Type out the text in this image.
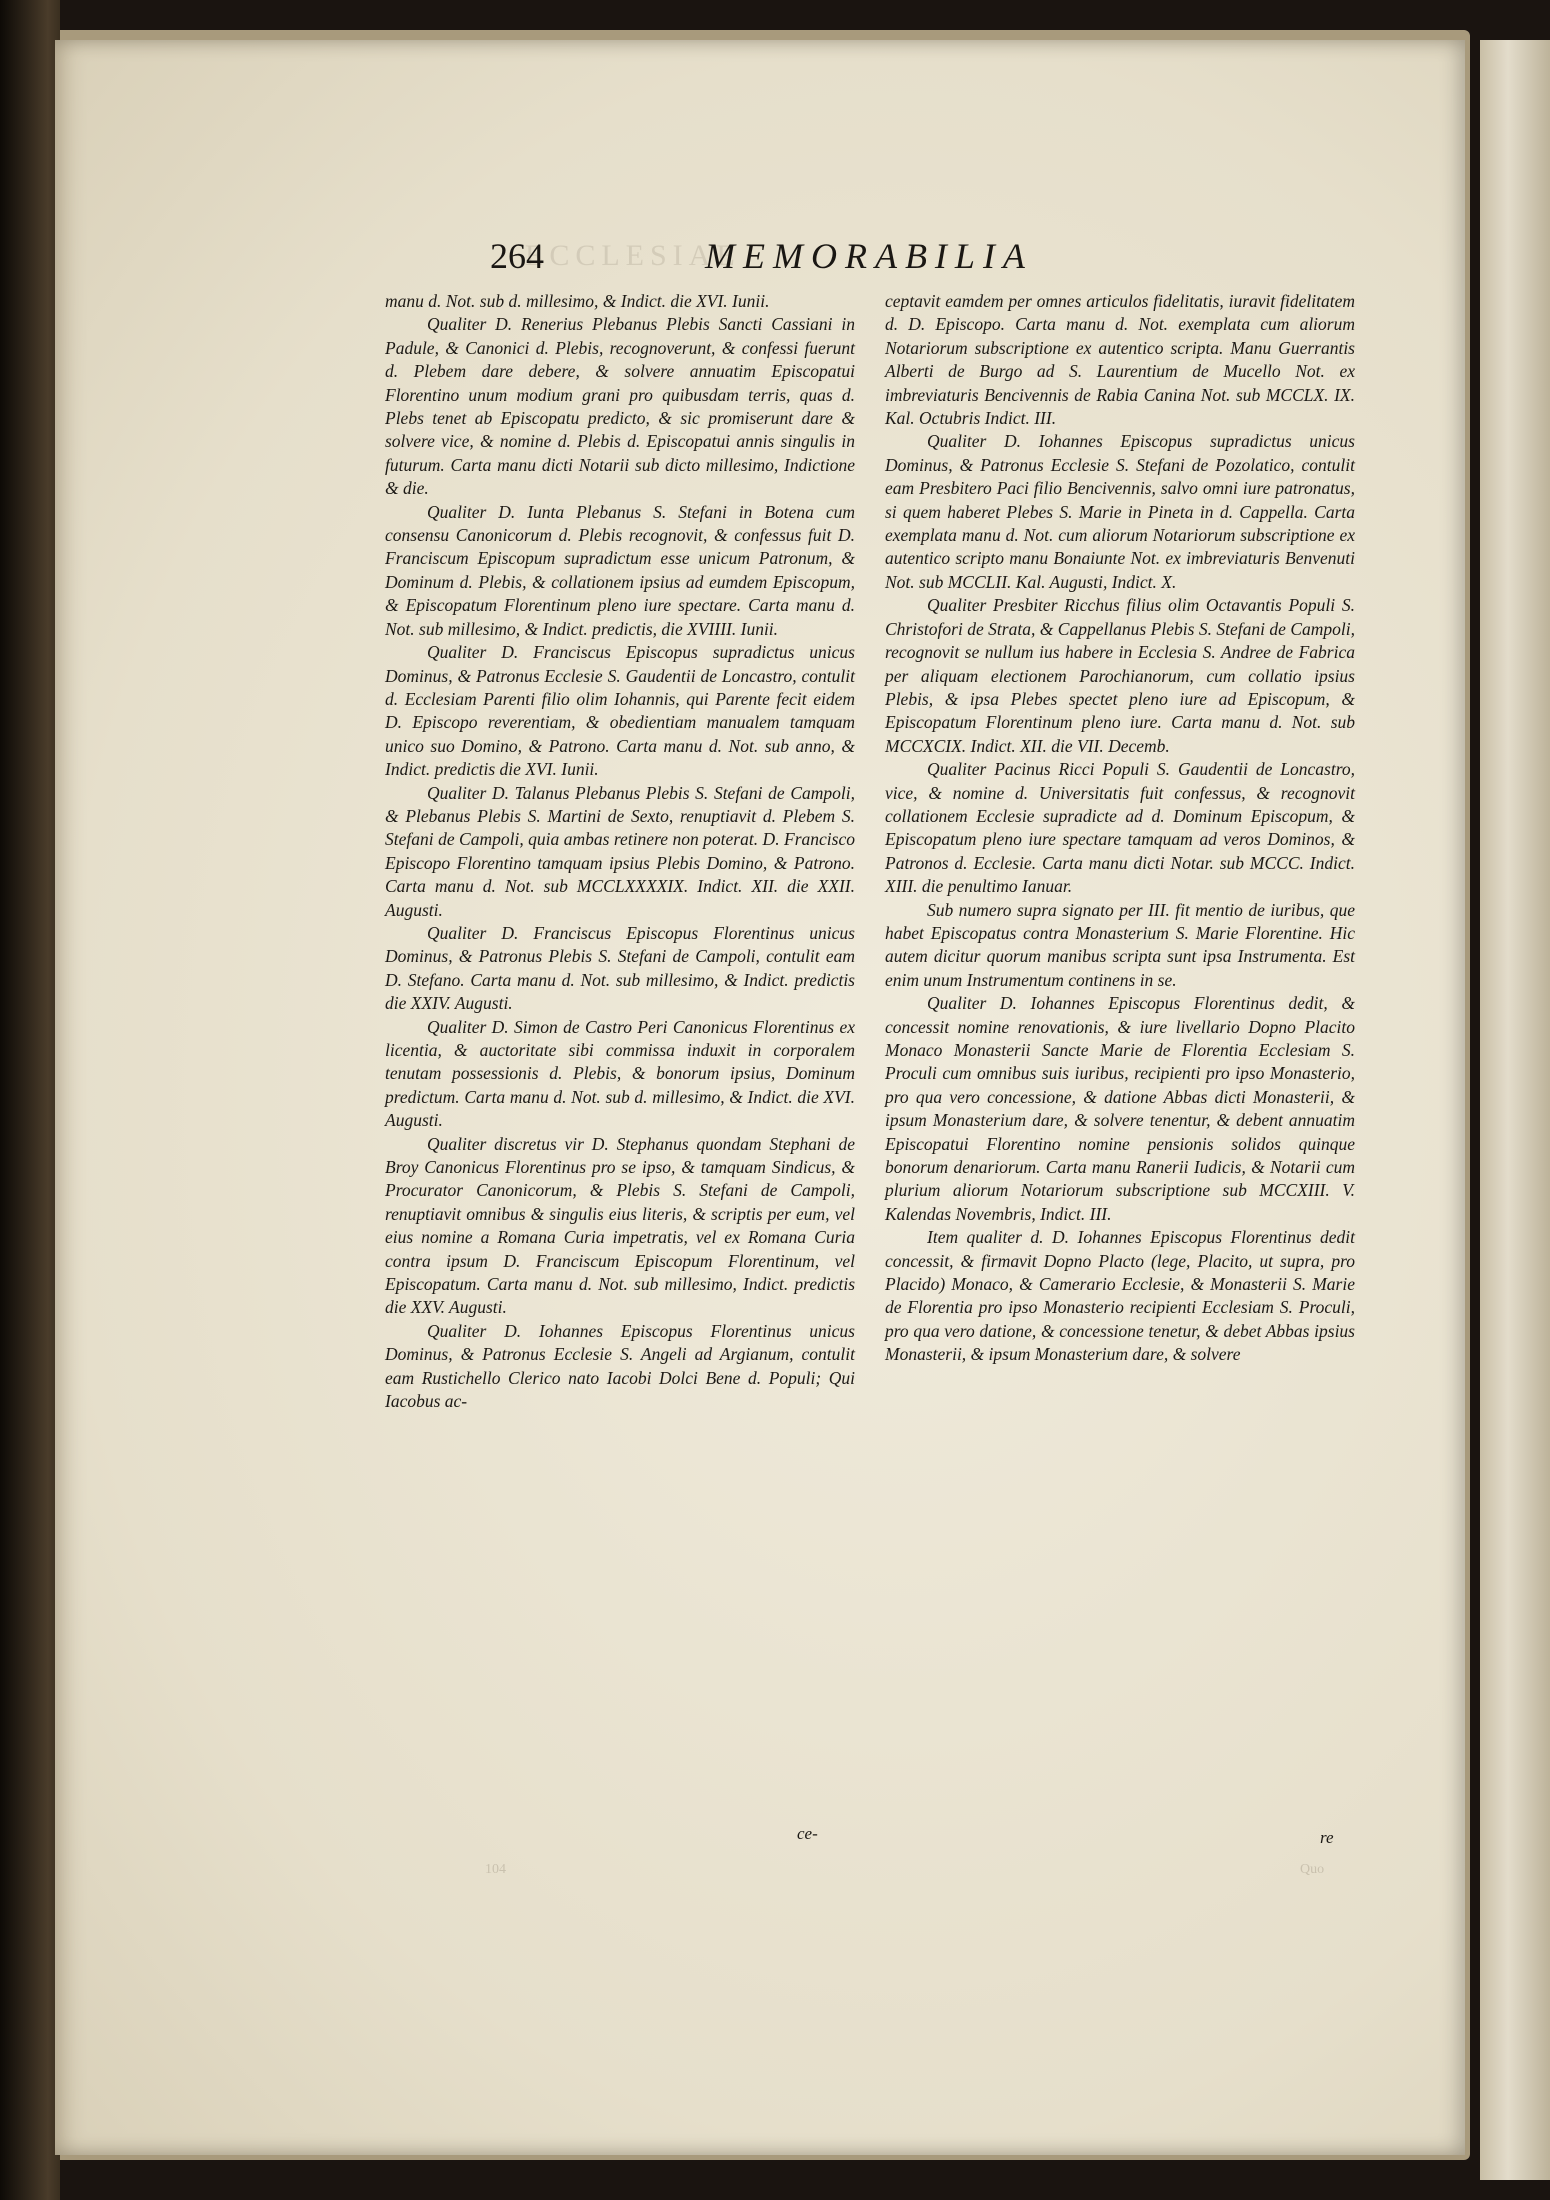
ECCLESIAE
264	MEMORABILIA

manu d. Not. sub d. millesimo, & Indict. die XVI. Iunii.

Qualiter D. Renerius Plebanus Plebis Sancti Cassiani in Padule, & Canonici d. Plebis, recognoverunt, & confessi fuerunt d. Plebem dare debere, & solvere annuatim Episcopatui Florentino unum modium grani pro quibusdam terris, quas d. Plebs tenet ab Episcopatu predicto, & sic promiserunt dare & solvere vice, & nomine d. Plebis d. Episcopatui annis singulis in futurum. Carta manu dicti Notarii sub dicto millesimo, Indictione & die.

Qualiter D. Iunta Plebanus S. Stefani in Botena cum consensu Canonicorum d. Plebis recognovit, & confessus fuit D. Franciscum Episcopum supradictum esse unicum Patronum, & Dominum d. Plebis, & collationem ipsius ad eumdem Episcopum, & Episcopatum Florentinum pleno iure spectare. Carta manu d. Not. sub millesimo, & Indict. predictis, die XVIIII. Iunii.

Qualiter D. Franciscus Episcopus supradictus unicus Dominus, & Patronus Ecclesie S. Gaudentii de Loncastro, contulit d. Ecclesiam Parenti filio olim Iohannis, qui Parente fecit eidem D. Episcopo reverentiam, & obedientiam manualem tamquam unico suo Domino, & Patrono. Carta manu d. Not. sub anno, & Indict. predictis die XVI. Iunii.

Qualiter D. Talanus Plebanus Plebis S. Stefani de Campoli, & Plebanus Plebis S. Martini de Sexto, renuptiavit d. Plebem S. Stefani de Campoli, quia ambas retinere non poterat. D. Francisco Episcopo Florentino tamquam ipsius Plebis Domino, & Patrono. Carta manu d. Not. sub MCCLXXXXIX. Indict. XII. die XXII. Augusti.

Qualiter D. Franciscus Episcopus Florentinus unicus Dominus, & Patronus Plebis S. Stefani de Campoli, contulit eam D. Stefano. Carta manu d. Not. sub millesimo, & Indict. predictis die XXIV. Augusti.

Qualiter D. Simon de Castro Peri Canonicus Florentinus ex licentia, & auctoritate sibi commissa induxit in corporalem tenutam possessionis d. Plebis, & bonorum ipsius, Dominum predictum. Carta manu d. Not. sub d. millesimo, & Indict. die XVI. Augusti.

Qualiter discretus vir D. Stephanus quondam Stephani de Broy Canonicus Florentinus pro se ipso, & tamquam Sindicus, & Procurator Canonicorum, & Plebis S. Stefani de Campoli, renuptiavit omnibus & singulis eius literis, & scriptis per eum, vel eius nomine a Romana Curia impetratis, vel ex Romana Curia contra ipsum D. Franciscum Episcopum Florentinum, vel Episcopatum. Carta manu d. Not. sub millesimo, Indict. predictis die XXV. Augusti.

Qualiter D. Iohannes Episcopus Florentinus unicus Dominus, & Patronus Ecclesie S. Angeli ad Argianum, contulit eam Rustichello Clerico nato Iacobi Dolci Bene d. Populi; Qui Iacobus ac-

ceptavit eamdem per omnes articulos fidelitatis, iuravit fidelitatem d. D. Episcopo. Carta manu d. Not. exemplata cum aliorum Notariorum subscriptione ex autentico scripta. Manu Guerrantis Alberti de Burgo ad S. Laurentium de Mucello Not. ex imbreviaturis Bencivennis de Rabia Canina Not. sub MCCLX. IX. Kal. Octubris Indict. III.

Qualiter D. Iohannes Episcopus supradictus unicus Dominus, & Patronus Ecclesie S. Stefani de Pozolatico, contulit eam Presbitero Paci filio Bencivennis, salvo omni iure patronatus, si quem haberet Plebes S. Marie in Pineta in d. Cappella. Carta exemplata manu d. Not. cum aliorum Notariorum subscriptione ex autentico scripto manu Bonaiunte Not. ex imbreviaturis Benvenuti Not. sub MCCLII. Kal. Augusti, Indict. X.

Qualiter Presbiter Ricchus filius olim Octavantis Populi S. Christofori de Strata, & Cappellanus Plebis S. Stefani de Campoli, recognovit se nullum ius habere in Ecclesia S. Andree de Fabrica per aliquam electionem Parochianorum, cum collatio ipsius Plebis, & ipsa Plebes spectet pleno iure ad Episcopum, & Episcopatum Florentinum pleno iure. Carta manu d. Not. sub MCCXCIX. Indict. XII. die VII. Decemb.

Qualiter Pacinus Ricci Populi S. Gaudentii de Loncastro, vice, & nomine d. Universitatis fuit confessus, & recognovit collationem Ecclesie supradicte ad d. Dominum Episcopum, & Episcopatum pleno iure spectare tamquam ad veros Dominos, & Patronos d. Ecclesie. Carta manu dicti Notar. sub MCCC. Indict. XIII. die penultimo Ianuar.

Sub numero supra signato per III. fit mentio de iuribus, que habet Episcopatus contra Monasterium S. Marie Florentine. Hic autem dicitur quorum manibus scripta sunt ipsa Instrumenta. Est enim unum Instrumentum continens in se.

Qualiter D. Iohannes Episcopus Florentinus dedit, & concessit nomine renovationis, & iure livellario Dopno Placito Monaco Monasterii Sancte Marie de Florentia Ecclesiam S. Proculi cum omnibus suis iuribus, recipienti pro ipso Monasterio, pro qua vero concessione, & datione Abbas dicti Monasterii, & ipsum Monasterium dare, & solvere tenentur, & debent annuatim Episcopatui Florentino nomine pensionis solidos quinque bonorum denariorum. Carta manu Ranerii Iudicis, & Notarii cum plurium aliorum Notariorum subscriptione sub MCCXIII. V. Kalendas Novembris, Indict. III.

Item qualiter d. D. Iohannes Episcopus Florentinus dedit concessit, & firmavit Dopno Placto (lege, Placito, ut supra, pro Placido) Monaco, & Camerario Ecclesie, & Monasterii S. Marie de Florentia pro ipso Monasterio recipienti Ecclesiam S. Proculi, pro qua vero datione, & concessione tenetur, & debet Abbas ipsius Monasterii, & ipsum Monasterium dare, & solvere

ce-	re
104	Quo
